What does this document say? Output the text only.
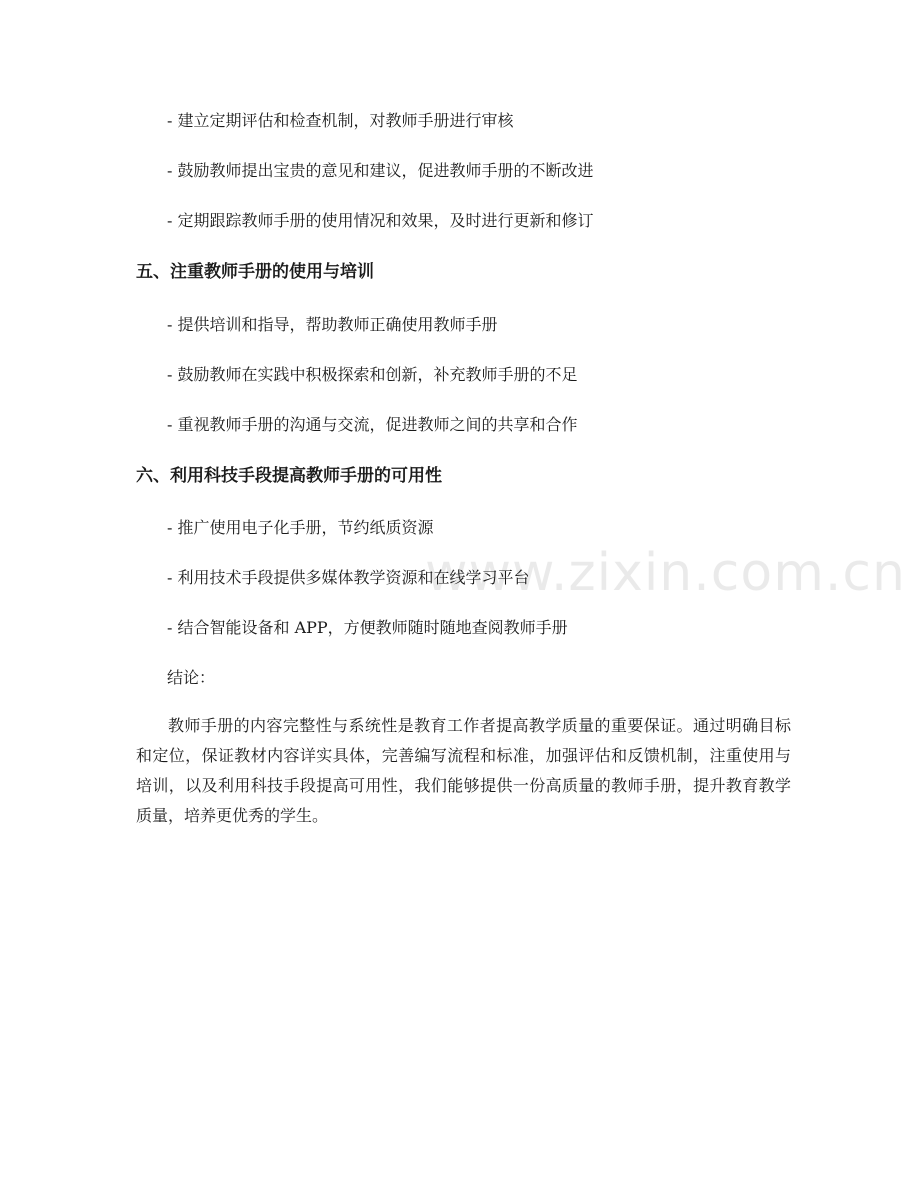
www.zixin.com.cn
- 建立定期评估和检查机制，对教师手册进行审核
- 鼓励教师提出宝贵的意见和建议，促进教师手册的不断改进
- 定期跟踪教师手册的使用情况和效果，及时进行更新和修订
五、注重教师手册的使用与培训
- 提供培训和指导，帮助教师正确使用教师手册
- 鼓励教师在实践中积极探索和创新，补充教师手册的不足
- 重视教师手册的沟通与交流，促进教师之间的共享和合作
六、利用科技手段提高教师手册的可用性
- 推广使用电子化手册，节约纸质资源
- 利用技术手段提供多媒体教学资源和在线学习平台
- 结合智能设备和 APP，方便教师随时随地查阅教师手册
结论：
教师手册的内容完整性与系统性是教育工作者提高教学质量的重要保证。通过明确目标和定位，保证教材内容详实具体，完善编写流程和标准，加强评估和反馈机制，注重使用与培训，以及利用科技手段提高可用性，我们能够提供一份高质量的教师手册，提升教育教学质量，培养更优秀的学生。
